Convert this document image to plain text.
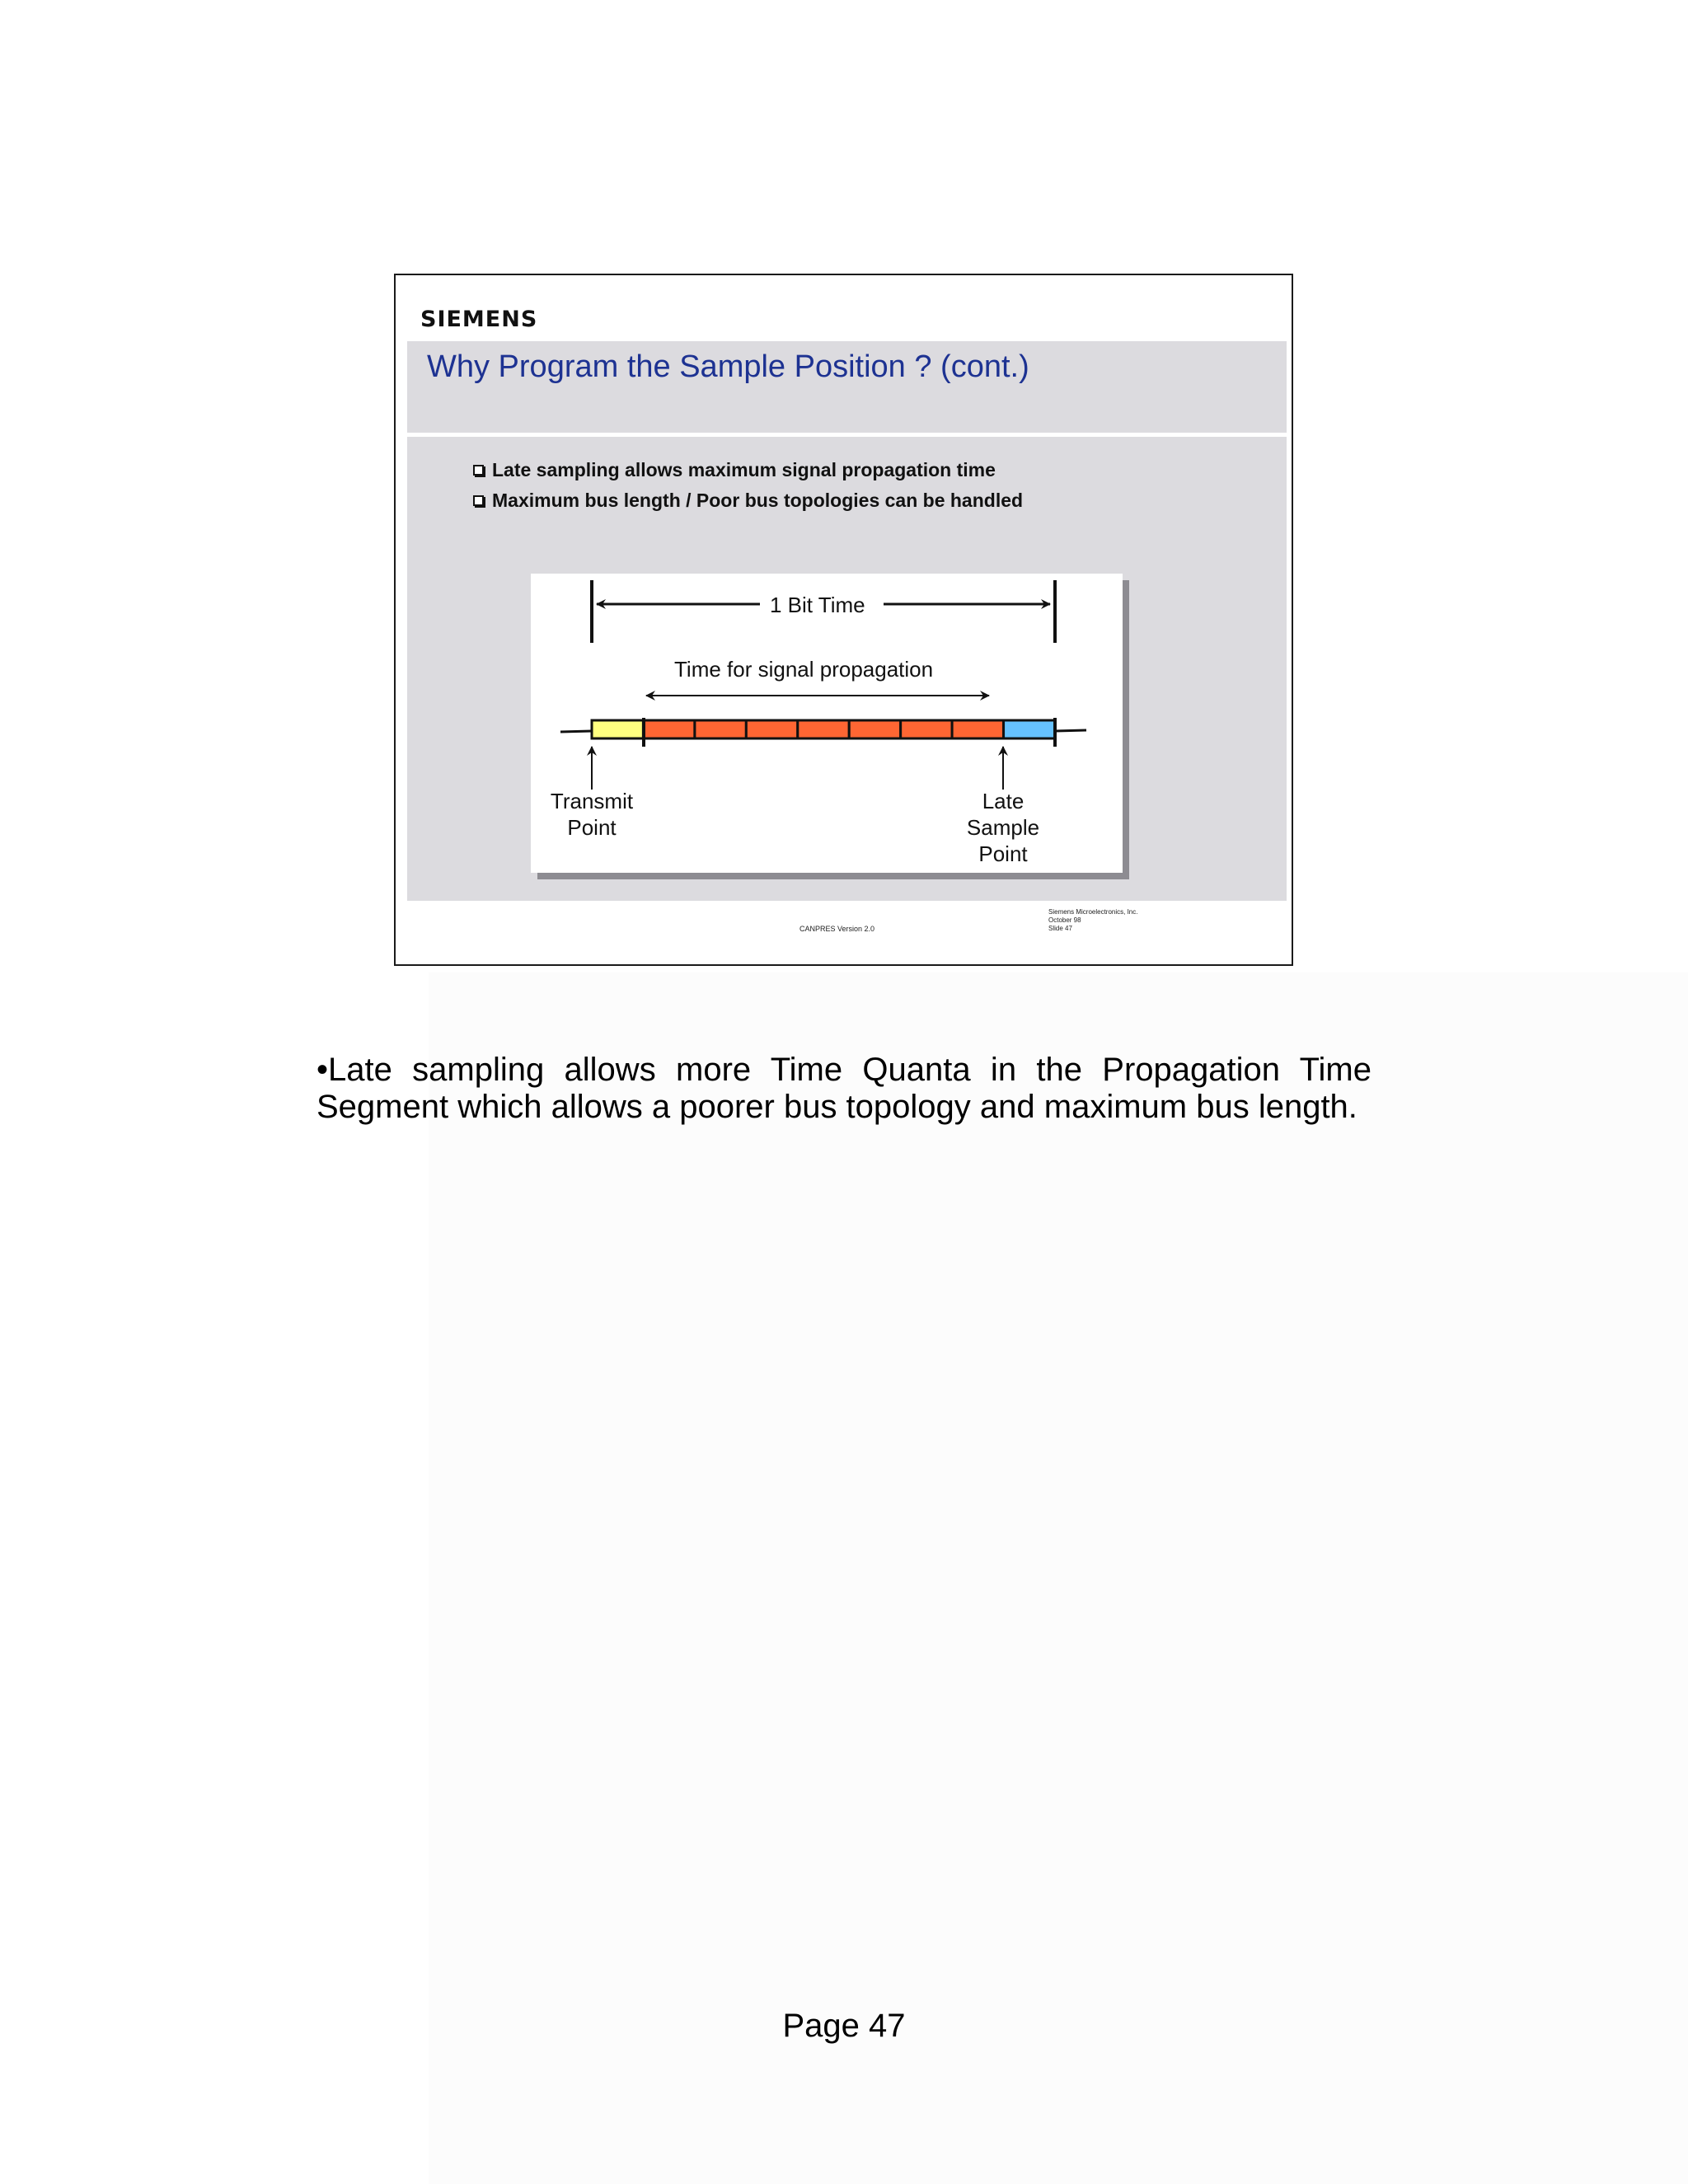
SIEMENS
Why Program the Sample Position ? (cont.)
Late sampling allows maximum signal propagation time
Maximum bus length / Poor bus topologies can be handled
1 Bit Time
Time for signal propagation
Transmit
Point
Late
Sample
Point
CANPRES Version 2.0
Siemens Microelectronics, Inc.
October 98
Slide 47
•Late sampling allows more Time Quanta in the Propagation Time
Segment which allows a poorer bus topology and maximum bus length.
Page 47
